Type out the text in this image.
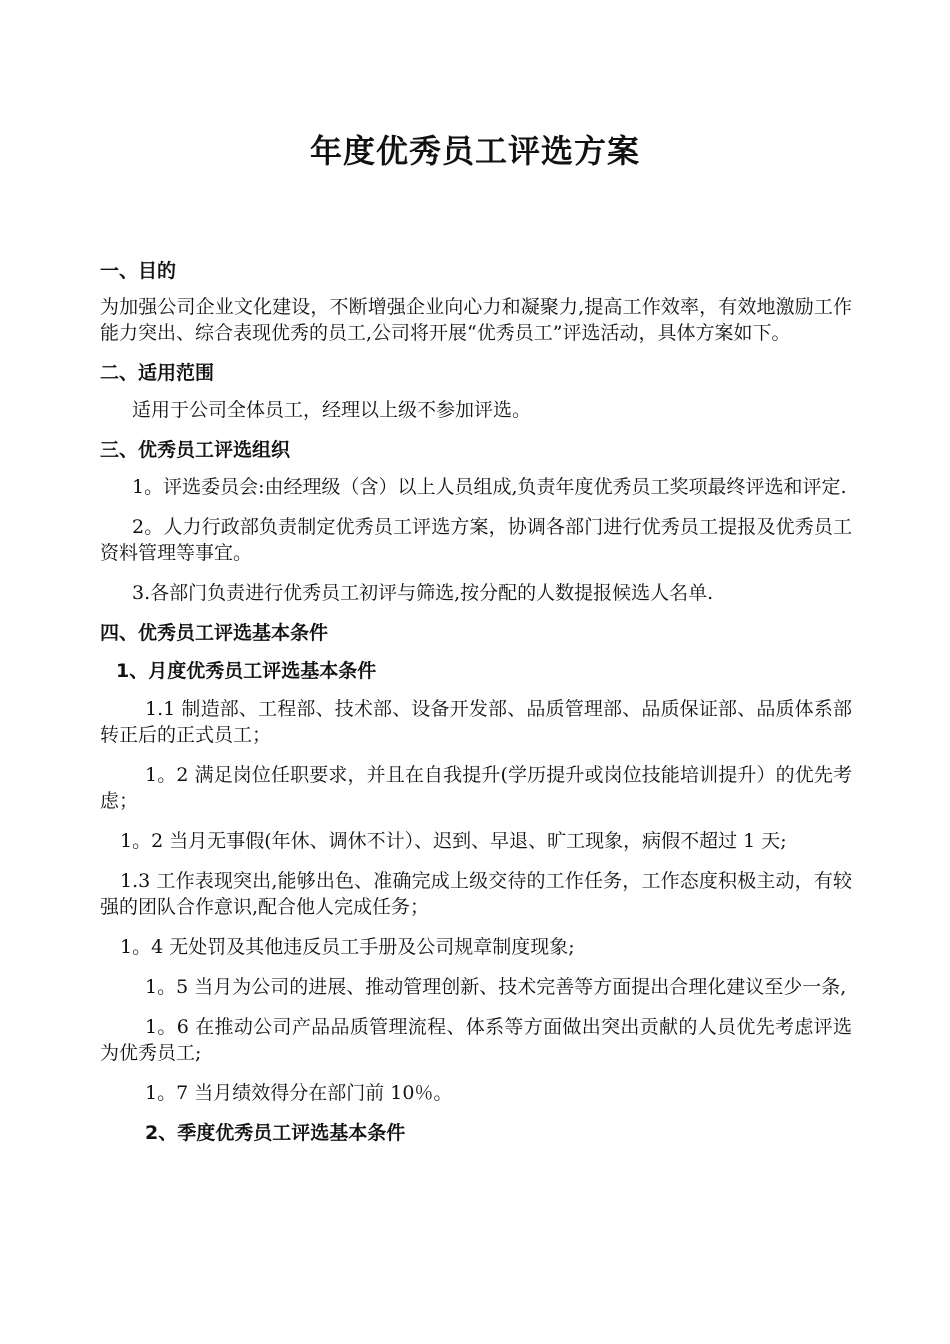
年度优秀员工评选方案
一、目的
为加强公司企业文化建设，不断增强企业向心力和凝聚力,提高工作效率，有效地激励工作能力突出、综合表现优秀的员工,公司将开展“优秀员工”评选活动，具体方案如下。
二、适用范围
适用于公司全体员工，经理以上级不参加评选。
三、优秀员工评选组织
1。评选委员会:由经理级（含）以上人员组成,负责年度优秀员工奖项最终评选和评定.
2。人力行政部负责制定优秀员工评选方案，协调各部门进行优秀员工提报及优秀员工资料管理等事宜。
3.各部门负责进行优秀员工初评与筛选,按分配的人数提报候选人名单.
四、优秀员工评选基本条件
1、月度优秀员工评选基本条件
1.1 制造部、工程部、技术部、设备开发部、品质管理部、品质保证部、品质体系部转正后的正式员工；
1。2 满足岗位任职要求，并且在自我提升(学历提升或岗位技能培训提升）的优先考虑；
1。2 当月无事假(年休、调休不计）、迟到、早退、旷工现象，病假不超过 1 天;
1.3 工作表现突出,能够出色、准确完成上级交待的工作任务，工作态度积极主动，有较强的团队合作意识,配合他人完成任务；
1。4 无处罚及其他违反员工手册及公司规章制度现象;
1。5 当月为公司的进展、推动管理创新、技术完善等方面提出合理化建议至少一条,
1。6 在推动公司产品品质管理流程、体系等方面做出突出贡献的人员优先考虑评选为优秀员工;
1。7 当月绩效得分在部门前 10％。
2、季度优秀员工评选基本条件
